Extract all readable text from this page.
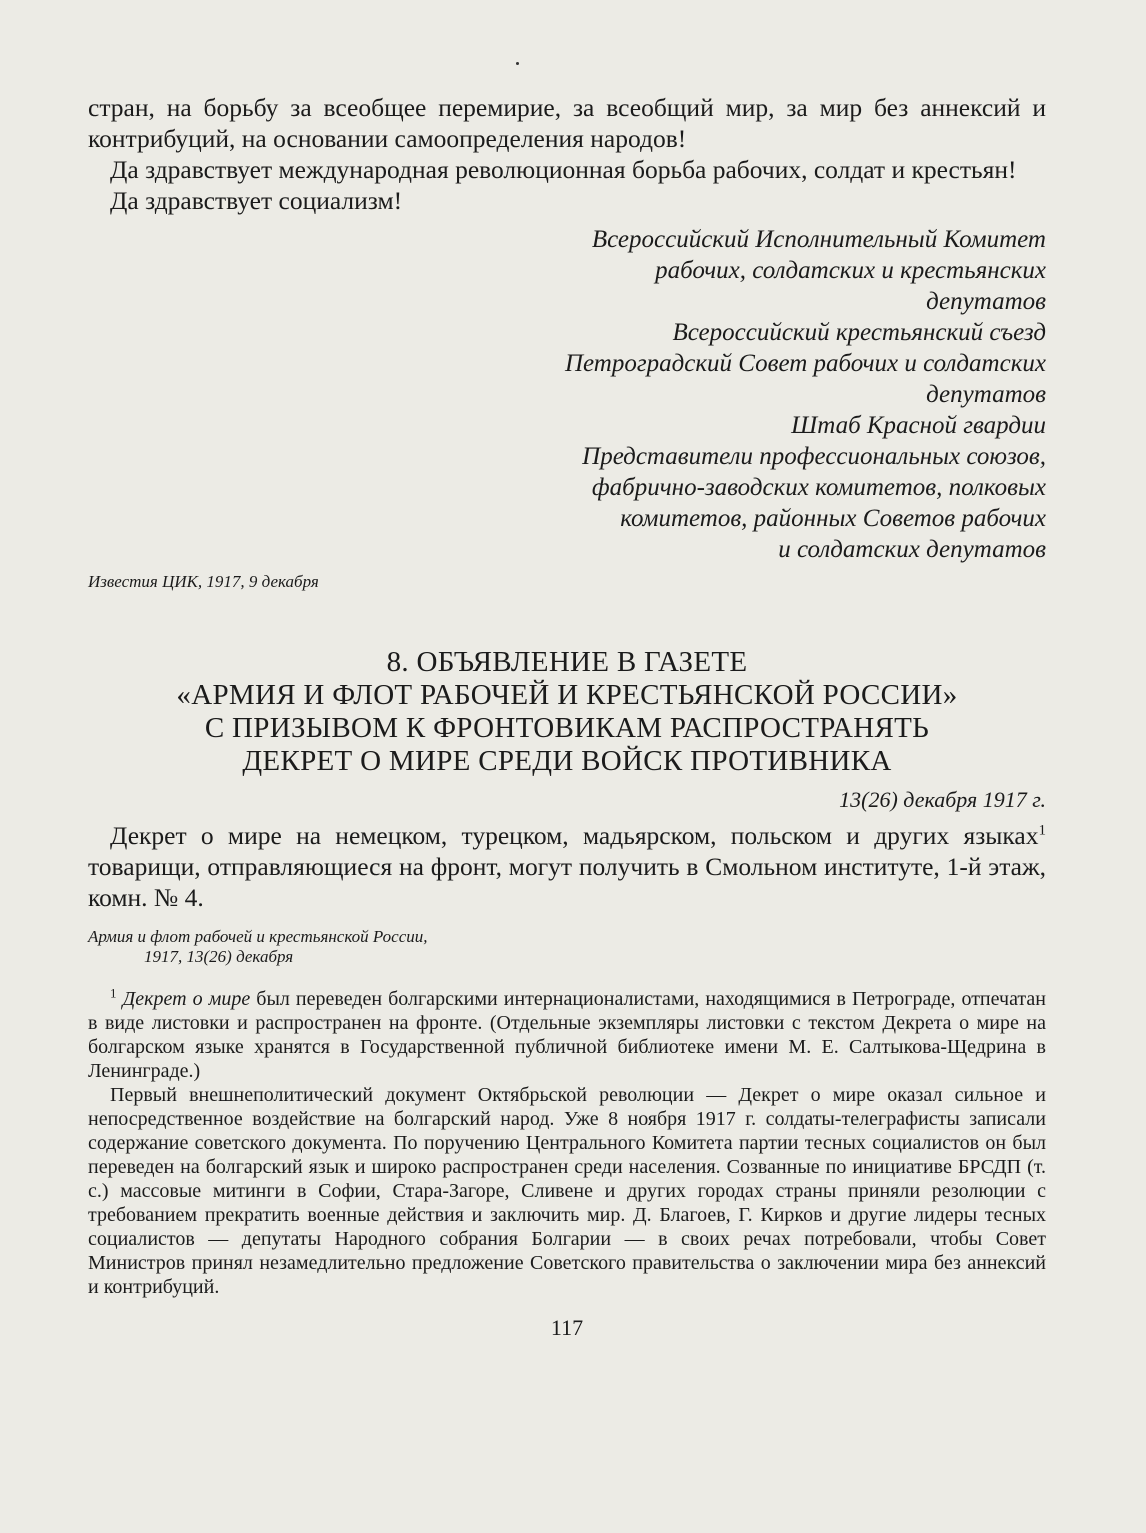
стран, на борьбу за всеобщее перемирие, за всеобщий мир, за мир без аннексий и контрибуций, на основании самоопределения народов!

Да здравствует международная революционная борьба рабочих, солдат и крестьян!

Да здравствует социализм!

Всероссийский Исполнительный Комитет
рабочих, солдатских и крестьянских
депутатов
Всероссийский крестьянский съезд
Петроградский Совет рабочих и солдатских
депутатов
Штаб Красной гвардии
Представители профессиональных союзов,
фабрично-заводских комитетов, полковых
комитетов, районных Советов рабочих
и солдатских депутатов
Известия ЦИК, 1917, 9 декабря
8. ОБЪЯВЛЕНИЕ В ГАЗЕТЕ
«АРМИЯ И ФЛОТ РАБОЧЕЙ И КРЕСТЬЯНСКОЙ РОССИИ»
С ПРИЗЫВОМ К ФРОНТОВИКАМ РАСПРОСТРАНЯТЬ
ДЕКРЕТ О МИРЕ СРЕДИ ВОЙСК ПРОТИВНИКА
13(26) декабря 1917 г.

Декрет о мире на немецком, турецком, мадьярском, польском и других языках$^1$ товарищи, отправляющиеся на фронт, могут получить в Смольном институте, 1-й этаж, комн. № 4.

Армия и флот рабочей и крестьянской России,
1917, 13(26) декабря

$^1$ Декрет о мире был переведен болгарскими интернационалистами, находящимися в Петрограде, отпечатан в виде листовки и распространен на фронте. (Отдельные экземпляры листовки с текстом Декрета о мире на болгарском языке хранятся в Государственной публичной библиотеке имени М. Е. Салтыкова-Щедрина в Ленинграде.)

Первый внешнеполитический документ Октябрьской революции — Декрет о мире оказал сильное и непосредственное воздействие на болгарский народ. Уже 8 ноября 1917 г. солдаты-телеграфисты записали содержание советского документа. По поручению Центрального Комитета партии тесных социалистов он был переведен на болгарский язык и широко распространен среди населения. Созванные по инициативе БРСДП (т. с.) массовые митинги в Софии, Стара-Загоре, Сливене и других городах страны приняли резолюции с требованием прекратить военные действия и заключить мир. Д. Благоев, Г. Кирков и другие лидеры тесных социалистов — депутаты Народного собрания Болгарии — в своих речах потребовали, чтобы Совет Министров принял незамедлительно предложение Советского правительства о заключении мира без аннексий и контрибуций.

117
